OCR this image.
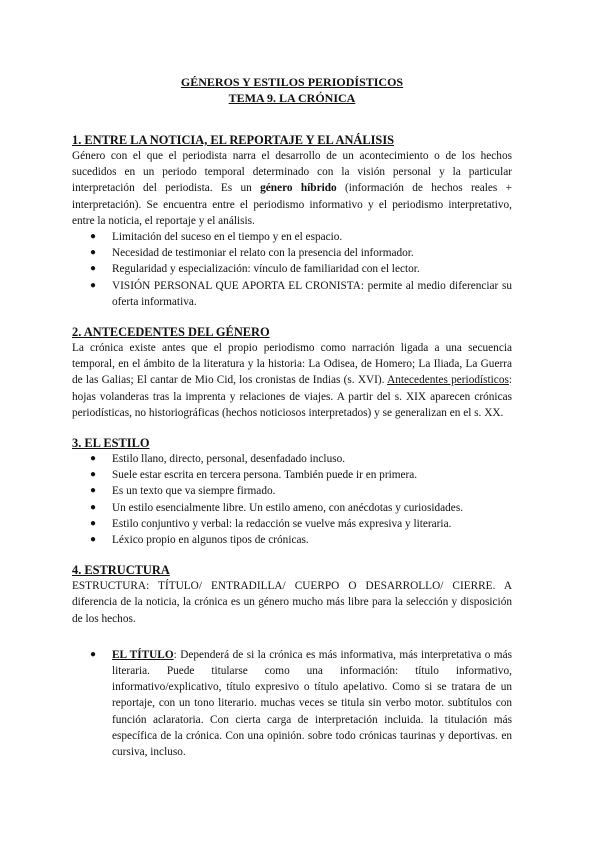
GÉNEROS Y ESTILOS PERIODÍSTICOS

TEMA 9. LA CRÓNICA

1. ENTRE LA NOTICIA, EL REPORTAJE Y EL ANÁLISIS

Género con el que el periodista narra el desarrollo de un acontecimiento o de los hechos sucedidos en un periodo temporal determinado con la visión personal y la particular interpretación del periodista. Es un género híbrido (información de hechos reales + interpretación). Se encuentra entre el periodismo informativo y el periodismo interpretativo, entre la noticia, el reportaje y el análisis.

● Limitación del suceso en el tiempo y en el espacio.
● Necesidad de testimoniar el relato con la presencia del informador.
● Regularidad y especialización: vínculo de familiaridad con el lector.
● VISIÓN PERSONAL QUE APORTA EL CRONISTA: permite al medio diferenciar su oferta informativa.

2. ANTECEDENTES DEL GÉNERO

La crónica existe antes que el propio periodismo como narración ligada a una secuencia temporal, en el ámbito de la literatura y la historia: La Odisea, de Homero; La Iliada, La Guerra de las Galias; El cantar de Mio Cid, los cronistas de Indias (s. XVI). Antecedentes periodísticos: hojas volanderas tras la imprenta y relaciones de viajes. A partir del s. XIX aparecen crónicas periodísticas, no historiográficas (hechos noticiosos interpretados) y se generalizan en el s. XX.

3. EL ESTILO

● Estilo llano, directo, personal, desenfadado incluso.
● Suele estar escrita en tercera persona. También puede ir en primera.
● Es un texto que va siempre firmado.
● Un estilo esencialmente libre. Un estilo ameno, con anécdotas y curiosidades.
● Estilo conjuntivo y verbal: la redacción se vuelve más expresiva y literaria.
● Léxico propio en algunos tipos de crónicas.

4. ESTRUCTURA

ESTRUCTURA: TÍTULO/ ENTRADILLA/ CUERPO O DESARROLLO/ CIERRE. A diferencia de la noticia, la crónica es un género mucho más libre para la selección y disposición de los hechos.

● EL TÍTULO: Dependerá de si la crónica es más informativa, más interpretativa o más literaria. Puede titularse como una información: título informativo, informativo/explicativo, título expresivo o título apelativo. Como si se tratara de un reportaje, con un tono literario. muchas veces se titula sin verbo motor. subtítulos con función aclaratoria. Con cierta carga de interpretación incluida. la titulación más específica de la crónica. Con una opinión. sobre todo crónicas taurinas y deportivas. en cursiva, incluso.
